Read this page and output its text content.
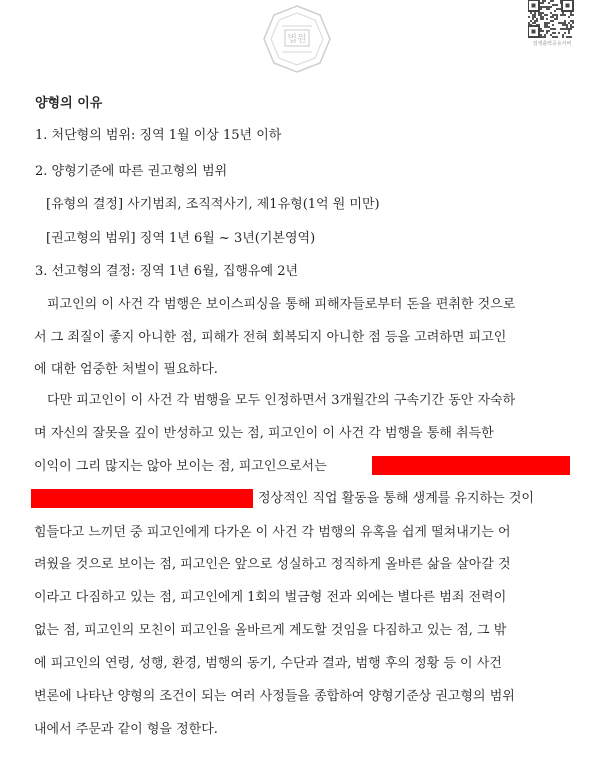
법원	검색출력공유서버
양형의 이유
1. 처단형의 범위: 징역 1월 이상 15년 이하
2. 양형기준에 따른 권고형의 범위
[유형의 결정] 사기범죄, 조직적사기, 제1유형(1억 원 미만)
[권고형의 범위] 징역 1년 6월 ~ 3년(기본영역)
3. 선고형의 결정: 징역 1년 6월, 집행유예 2년
피고인의 이 사건 각 범행은 보이스피싱을 통해 피해자들로부터 돈을 편취한 것으로
서 그 죄질이 좋지 아니한 점, 피해가 전혀 회복되지 아니한 점 등을 고려하면 피고인
에 대한 엄중한 처벌이 필요하다.
다만 피고인이 이 사건 각 범행을 모두 인정하면서 3개월간의 구속기간 동안 자숙하
며 자신의 잘못을 깊이 반성하고 있는 점, 피고인이 이 사건 각 범행을 통해 취득한
이익이 그리 많지는 않아 보이는 점, 피고인으로서는
정상적인 직업 활동을 통해 생계를 유지하는 것이
힘들다고 느끼던 중 피고인에게 다가온 이 사건 각 범행의 유혹을 쉽게 떨쳐내기는 어
려웠을 것으로 보이는 점, 피고인은 앞으로 성실하고 정직하게 올바른 삶을 살아갈 것
이라고 다짐하고 있는 점, 피고인에게 1회의 벌금형 전과 외에는 별다른 범죄 전력이
없는 점, 피고인의 모친이 피고인을 올바르게 계도할 것임을 다짐하고 있는 점, 그 밖
에 피고인의 연령, 성행, 환경, 범행의 동기, 수단과 결과, 범행 후의 정황 등 이 사건
변론에 나타난 양형의 조건이 되는 여러 사정들을 종합하여 양형기준상 권고형의 범위
내에서 주문과 같이 형을 정한다.
